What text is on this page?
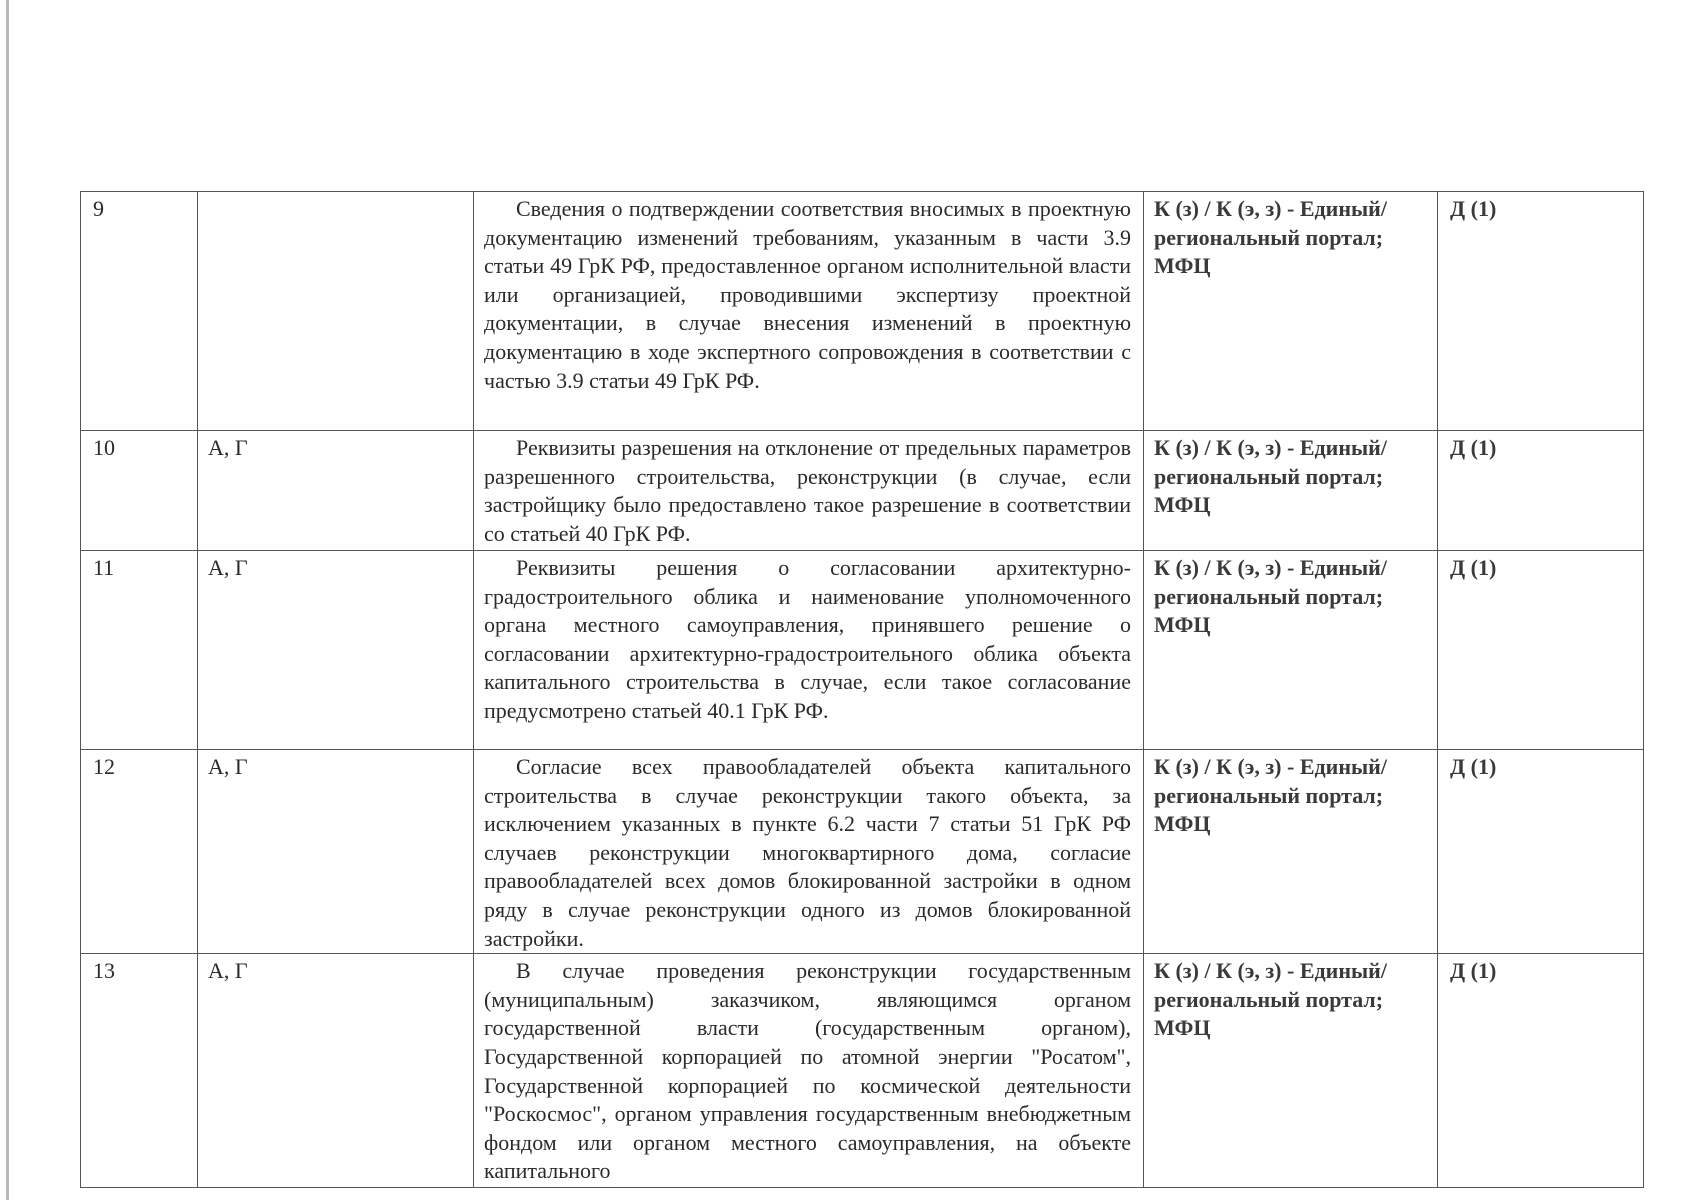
9		Сведения о подтверждении соответствия вносимых в проектную документацию изменений требованиям, указанным в части 3.9 статьи 49 ГрК РФ, предоставленное органом исполнительной власти или организацией, проводившими экспертизу проектной документации, в случае внесения изменений в проектную документацию в ходе экспертного сопровождения в соответствии с частью 3.9 статьи 49 ГрК РФ.	К (з) / К (э, з) - Единый/региональный портал; МФЦ	Д (1)
10	А, Г	Реквизиты разрешения на отклонение от предельных параметров разрешенного строительства, реконструкции (в случае, если застройщику было предоставлено такое разрешение в соответствии со статьей 40 ГрК РФ.	К (з) / К (э, з) - Единый/региональный портал; МФЦ	Д (1)
11	А, Г	Реквизиты решения о согласовании архитектурно-градостроительного облика и наименование уполномоченного органа местного самоуправления, принявшего решение о согласовании архитектурно-градостроительного облика объекта капитального строительства в случае, если такое согласование предусмотрено статьей 40.1 ГрК РФ.	К (з) / К (э, з) - Единый/региональный портал; МФЦ	Д (1)
12	А, Г	Согласие всех правообладателей объекта капитального строительства в случае реконструкции такого объекта, за исключением указанных в пункте 6.2 части 7 статьи 51 ГрК РФ случаев реконструкции многоквартирного дома, согласие правообладателей всех домов блокированной застройки в одном ряду в случае реконструкции одного из домов блокированной застройки.	К (з) / К (э, з) - Единый/региональный портал; МФЦ	Д (1)
13	А, Г	В случае проведения реконструкции государственным (муниципальным) заказчиком, являющимся органом государственной власти (государственным органом), Государственной корпорацией по атомной энергии "Росатом", Государственной корпорацией по космической деятельности "Роскосмос", органом управления государственным внебюджетным фондом или органом местного самоуправления, на объекте капитального	К (з) / К (э, з) - Единый/региональный портал; МФЦ	Д (1)
